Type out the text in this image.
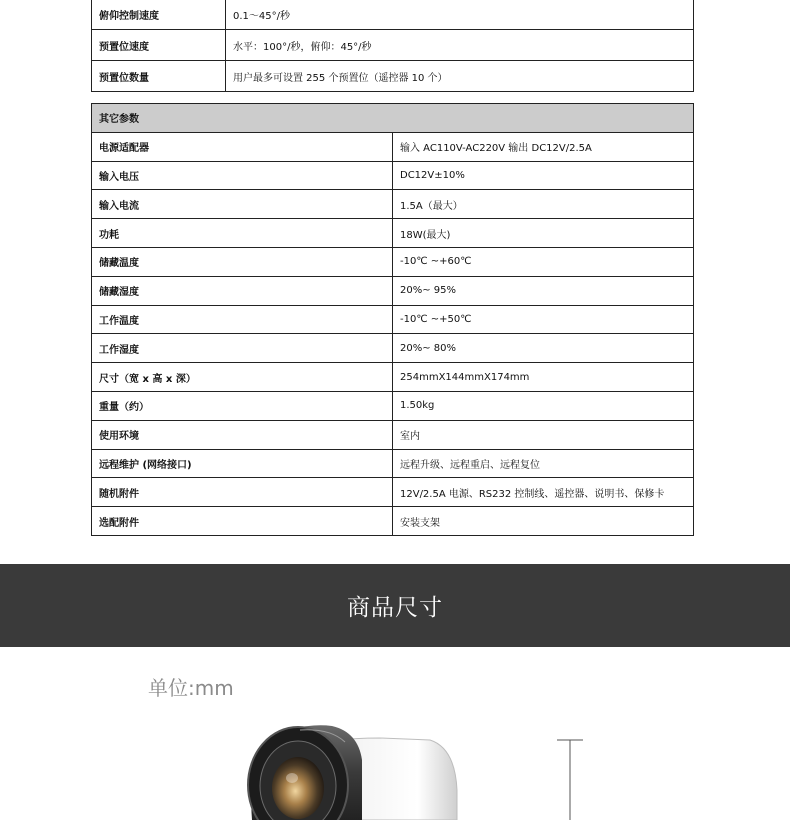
俯仰控制速度	0.1～45°/秒
预置位速度	水平：100°/秒，俯仰：45°/秒
预置位数量	用户最多可设置 255 个预置位（遥控器 10 个）
其它参数	
电源适配器	输入 AC110V-AC220V 输出 DC12V/2.5A
输入电压	DC12V±10%
输入电流	1.5A（最大）
功耗	18W(最大)
储藏温度	-10℃ ~+60℃
储藏湿度	20%~ 95%
工作温度	-10℃ ~+50℃
工作湿度	20%~ 80%
尺寸（宽 x 高 x 深）	254mmX144mmX174mm
重量（约）	1.50kg
使用环境	室内
远程维护 (网络接口)	远程升级、远程重启、远程复位
随机附件	12V/2.5A 电源、RS232 控制线、遥控器、说明书、保修卡
选配附件	安装支架
商品尺寸
单位:mm
